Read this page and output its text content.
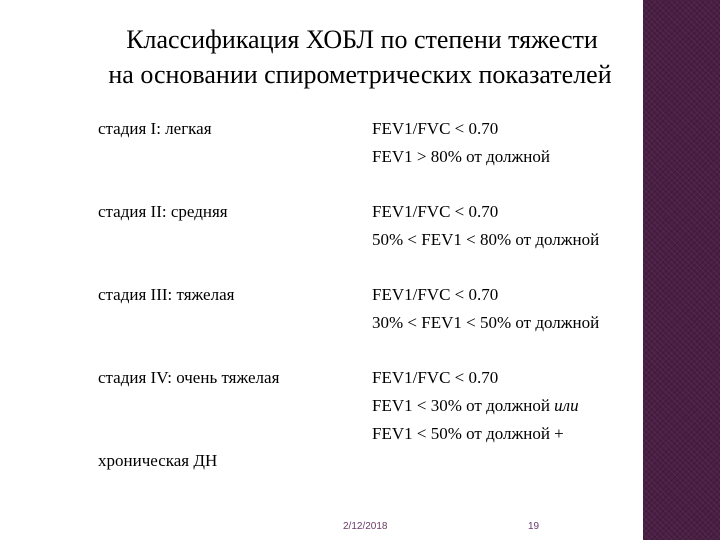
Классификация ХОБЛ по степени тяжести
на основании спирометрических показателей
стадия I: легкая	FEV1/FVC < 0.70
FEV1 > 80% от должной
стадия II: средняя	FEV1/FVC < 0.70
50% < FEV1 < 80% от должной
стадия III: тяжелая	FEV1/FVC < 0.70
30% < FEV1 < 50% от должной
стадия IV: очень тяжелая	FEV1/FVC < 0.70
FEV1 < 30% от должной или
FEV1 < 50% от должной +
хроническая ДН
2/12/2018	19
